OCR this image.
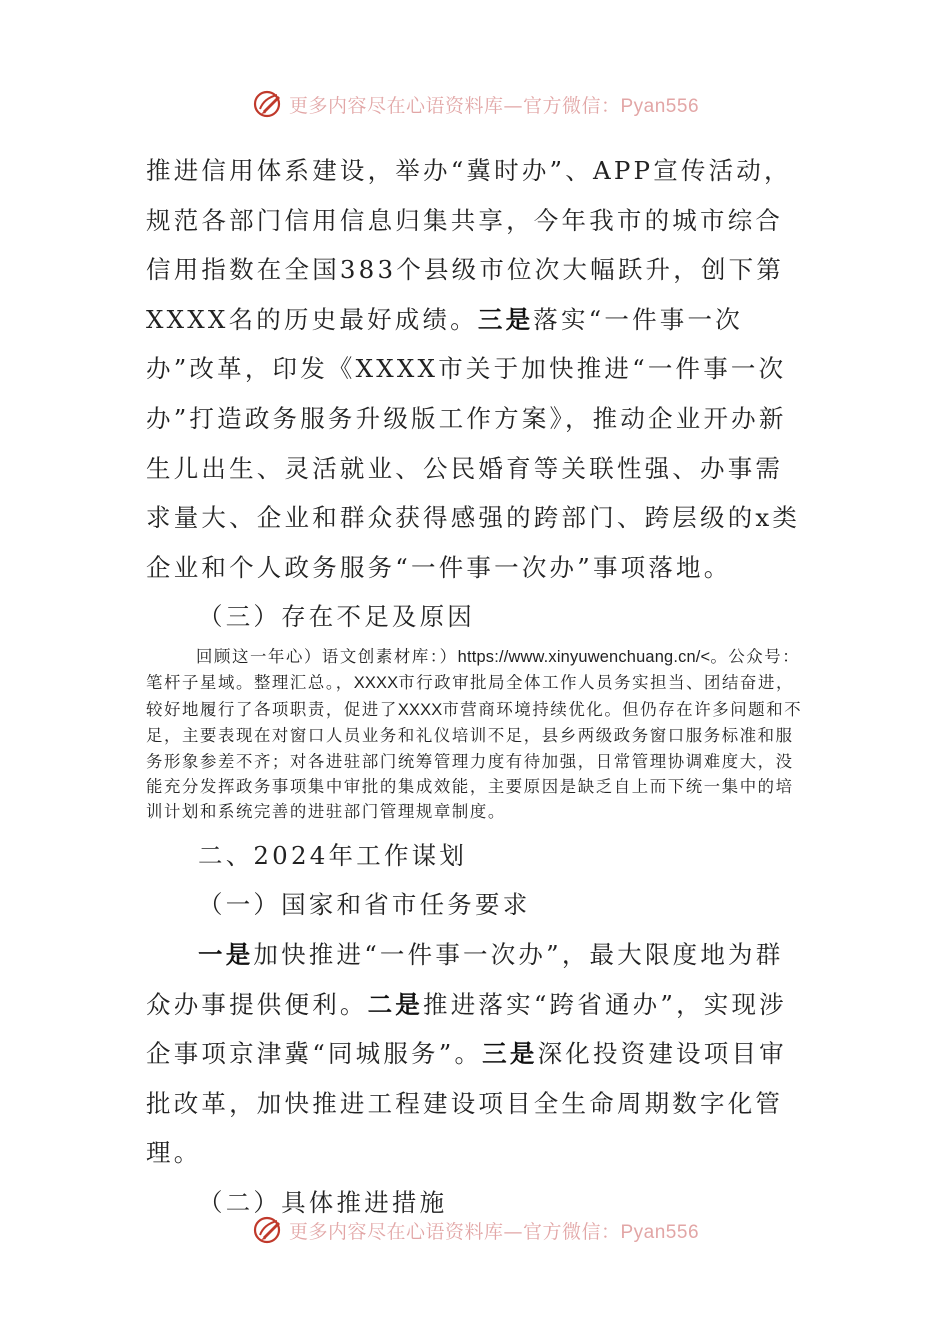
更多内容尽在心语资料库—官方微信：Pyan556

推进信用体系建设，举办“冀时办”、APP宣传活动，规范各部门信用信息归集共享，今年我市的城市综合信用指数在全国383个县级市位次大幅跃升，创下第XXXX名的历史最好成绩。三是落实“一件事一次办”改革，印发《XXXX市关于加快推进“一件事一次办”打造政务服务升级版工作方案》，推动企业开办新生儿出生、灵活就业、公民婚育等关联性强、办事需求量大、企业和群众获得感强的跨部门、跨层级的x类企业和个人政务服务“一件事一次办”事项落地。

（三）存在不足及原因

回顾这一年心）语文创素材库：）https://www.xinyuwenchuang.cn/<。公众号：笔杆子星域。整理汇总。，XXXX市行政审批局全体工作人员务实担当、团结奋进，较好地履行了各项职责，促进了XXXX市营商环境持续优化。但仍存在许多问题和不足，主要表现在对窗口人员业务和礼仪培训不足，县乡两级政务窗口服务标准和服务形象参差不齐；对各进驻部门统筹管理力度有待加强，日常管理协调难度大，没能充分发挥政务事项集中审批的集成效能，主要原因是缺乏自上而下统一集中的培训计划和系统完善的进驻部门管理规章制度。

二、2024年工作谋划

（一）国家和省市任务要求

一是加快推进“一件事一次办”，最大限度地为群众办事提供便利。二是推进落实“跨省通办”，实现涉企事项京津冀“同城服务”。三是深化投资建设项目审批改革，加快推进工程建设项目全生命周期数字化管理。

（二）具体推进措施

更多内容尽在心语资料库—官方微信：Pyan556
